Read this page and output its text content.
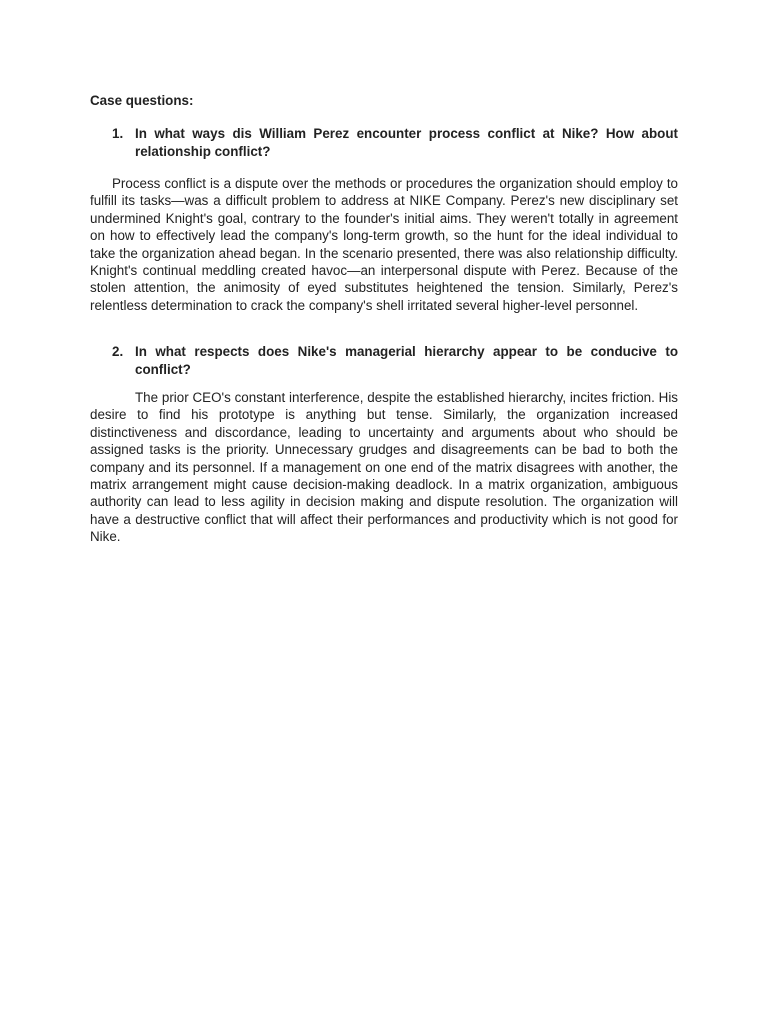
Case questions:
1. In what ways dis William Perez encounter process conflict at Nike? How about relationship conflict?

Process conflict is a dispute over the methods or procedures the organization should employ to fulfill its tasks—was a difficult problem to address at NIKE Company. Perez's new disciplinary set undermined Knight's goal, contrary to the founder's initial aims. They weren't totally in agreement on how to effectively lead the company's long-term growth, so the hunt for the ideal individual to take the organization ahead began. In the scenario presented, there was also relationship difficulty. Knight's continual meddling created havoc—an interpersonal dispute with Perez. Because of the stolen attention, the animosity of eyed substitutes heightened the tension. Similarly, Perez's relentless determination to crack the company's shell irritated several higher-level personnel.

2. In what respects does Nike's managerial hierarchy appear to be conducive to conflict?

The prior CEO's constant interference, despite the established hierarchy, incites friction. His desire to find his prototype is anything but tense. Similarly, the organization increased distinctiveness and discordance, leading to uncertainty and arguments about who should be assigned tasks is the priority. Unnecessary grudges and disagreements can be bad to both the company and its personnel. If a management on one end of the matrix disagrees with another, the matrix arrangement might cause decision-making deadlock. In a matrix organization, ambiguous authority can lead to less agility in decision making and dispute resolution. The organization will have a destructive conflict that will affect their performances and productivity which is not good for Nike.
